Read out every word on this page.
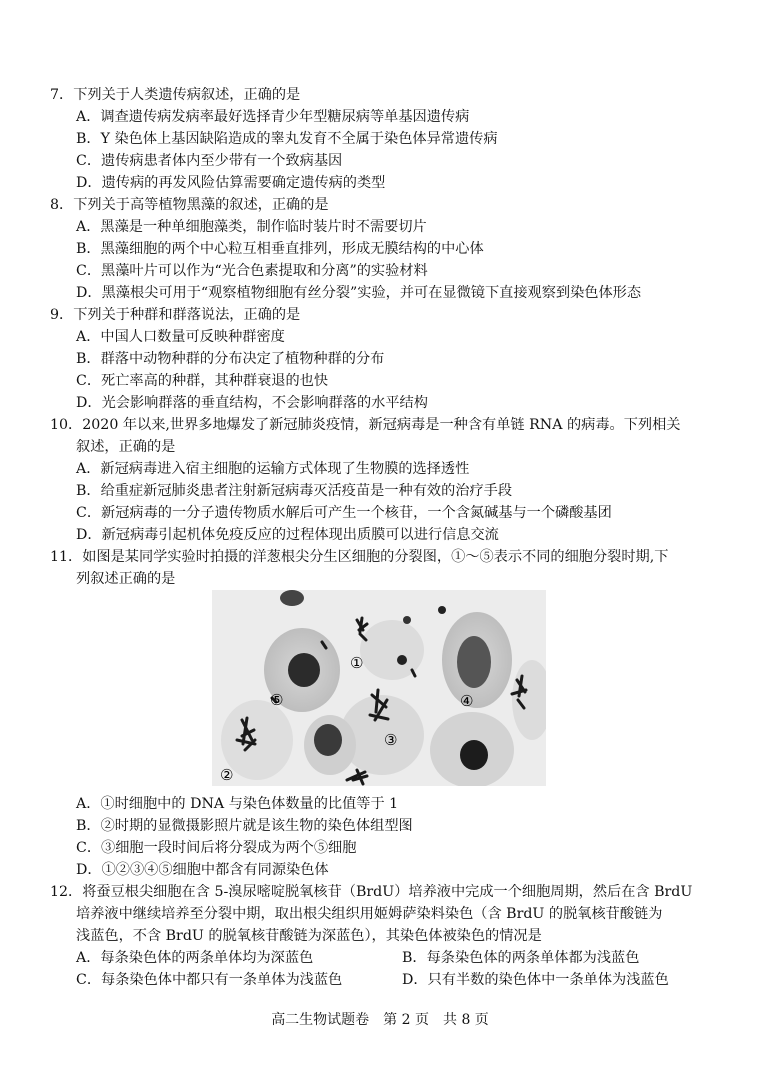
7．下列关于人类遗传病叙述，正确的是
A．调查遗传病发病率最好选择青少年型糖尿病等单基因遗传病
B．Y 染色体上基因缺陷造成的睾丸发育不全属于染色体异常遗传病
C．遗传病患者体内至少带有一个致病基因
D．遗传病的再发风险估算需要确定遗传病的类型
8．下列关于高等植物黑藻的叙述，正确的是
A．黑藻是一种单细胞藻类，制作临时装片时不需要切片
B．黑藻细胞的两个中心粒互相垂直排列，形成无膜结构的中心体
C．黑藻叶片可以作为“光合色素提取和分离”的实验材料
D．黑藻根尖可用于“观察植物细胞有丝分裂”实验，并可在显微镜下直接观察到染色体形态
9．下列关于种群和群落说法，正确的是
A．中国人口数量可反映种群密度
B．群落中动物种群的分布决定了植物种群的分布
C．死亡率高的种群，其种群衰退的也快
D．光会影响群落的垂直结构，不会影响群落的水平结构
10．2020 年以来,世界多地爆发了新冠肺炎疫情，新冠病毒是一种含有单链 RNA 的病毒。下列相关
叙述，正确的是
A．新冠病毒进入宿主细胞的运输方式体现了生物膜的选择透性
B．给重症新冠肺炎患者注射新冠病毒灭活疫苗是一种有效的治疗手段
C．新冠病毒的一分子遗传物质水解后可产生一个核苷，一个含氮碱基与一个磷酸基团
D．新冠病毒引起机体免疫反应的过程体现出质膜可以进行信息交流
11．如图是某同学实验时拍摄的洋葱根尖分生区细胞的分裂图，①～⑤表示不同的细胞分裂时期,下
列叙述正确的是
①
②
③
④
⑤
A．①时细胞中的 DNA 与染色体数量的比值等于 1
B．②时期的显微摄影照片就是该生物的染色体组型图
C．③细胞一段时间后将分裂成为两个⑤细胞
D．①②③④⑤细胞中都含有同源染色体
12．将蚕豆根尖细胞在含 5-溴尿嘧啶脱氧核苷（BrdU）培养液中完成一个细胞周期，然后在含 BrdU
培养液中继续培养至分裂中期，取出根尖组织用姬姆萨染料染色（含 BrdU 的脱氧核苷酸链为
浅蓝色，不含 BrdU 的脱氧核苷酸链为深蓝色），其染色体被染色的情况是
A．每条染色体的两条单体均为深蓝色	B．每条染色体的两条单体都为浅蓝色
C．每条染色体中都只有一条单体为浅蓝色	D．只有半数的染色体中一条单体为浅蓝色
高二生物试题卷　第 2 页　共 8 页
